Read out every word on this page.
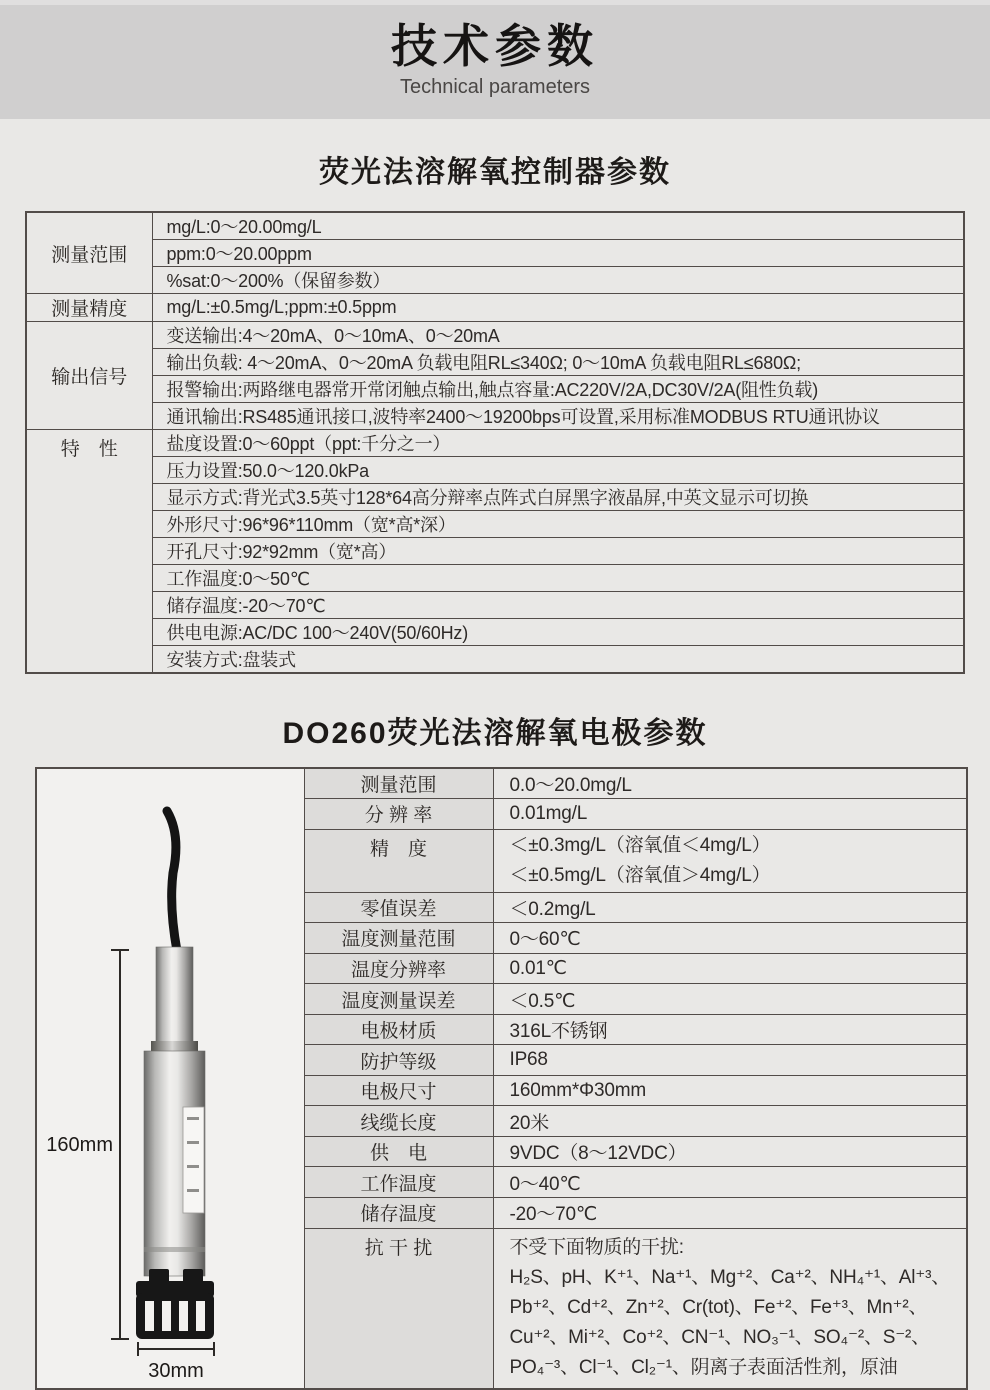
技术参数
Technical parameters
荧光法溶解氧控制器参数
测量范围	mg/L:0～20.00mg/L
	ppm:0～20.00ppm
	%sat:0～200%（保留参数）
测量精度	mg/L:±0.5mg/L;ppm:±0.5ppm
输出信号	变送输出:4～20mA、0～10mA、0～20mA
	输出负载: 4～20mA、0～20mA 负载电阻RL≤340Ω; 0～10mA 负载电阻RL≤680Ω;
	报警输出:两路继电器常开常闭触点输出,触点容量:AC220V/2A,DC30V/2A(阻性负载)
	通讯输出:RS485通讯接口,波特率2400～19200bps可设置,采用标准MODBUS RTU通讯协议
特　性	盐度设置:0～60ppt（ppt:千分之一）
	压力设置:50.0～120.0kPa
	显示方式:背光式3.5英寸128*64高分辩率点阵式白屏黑字液晶屏,中英文显示可切换
	外形尺寸:96*96*110mm（宽*高*深）
	开孔尺寸:92*92mm（宽*高）
	工作温度:0～50℃
	储存温度:-20～70℃
	供电电源:AC/DC 100～240V(50/60Hz)
	安装方式:盘装式
DO260荧光法溶解氧电极参数
160mm
30mm	测量范围	0.0～20.0mg/L
	分 辨 率	0.01mg/L
	精　度	＜±0.3mg/L（溶氧值＜4mg/L）
＜±0.5mg/L（溶氧值＞4mg/L）

	零值误差	＜0.2mg/L
	温度测量范围	0～60℃
	温度分辨率	0.01℃
	温度测量误差	＜0.5℃
	电极材质	316L不锈钢
	防护等级	IP68
	电极尺寸	160mm*Φ30mm
	线缆长度	20米
	供　电	9VDC（8～12VDC）
	工作温度	0～40℃
	储存温度	-20～70℃
	抗 干 扰	不受下面物质的干扰:
H₂S、pH、K⁺¹、Na⁺¹、Mg⁺²、Ca⁺²、NH₄⁺¹、Al⁺³、
Pb⁺²、Cd⁺²、Zn⁺²、Cr(tot)、Fe⁺²、Fe⁺³、Mn⁺²、
Cu⁺²、Mi⁺²、Co⁺²、CN⁻¹、NO₃⁻¹、SO₄⁻²、S⁻²、
PO₄⁻³、Cl⁻¹、Cl₂⁻¹、阴离子表面活性剂，原油
